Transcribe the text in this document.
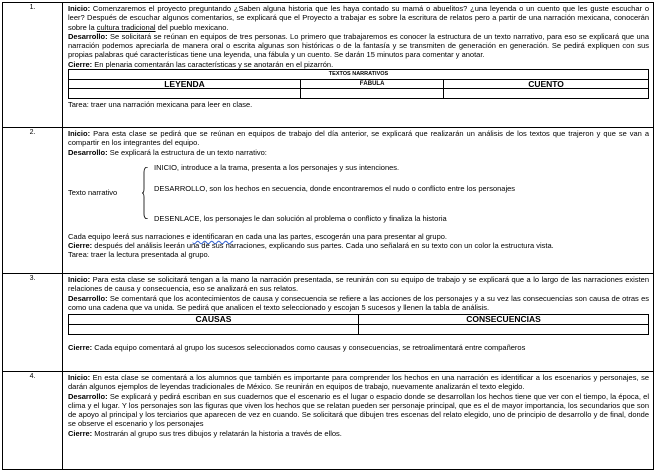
1.	Inicio: Comenzaremos el proyecto preguntando ¿Saben alguna historia que les haya contado su mamá o abuelitos? ¿una leyenda o un cuento que les guste escuchar o leer? Después de escuchar algunos comentarios, se explicará que el Proyecto a trabajar es sobre la escritura de relatos pero a partir de una narración mexicana, conocerán sobre la cultura tradicional del pueblo mexicano.

Desarrollo: Se solicitará se reúnan en equipos de tres personas. Lo primero que trabajaremos es conocer la estructura de un texto narrativo, para eso se explicará que una narración podemos apreciarla de manera oral o escrita algunas son históricas o de la fantasía y se transmiten de generación en generación. Se pedirá expliquen con sus propias palabras qué características tiene una leyenda, una fábula y un cuento. Se darán 15 minutos para comentar y anotar.

Cierre: En plenaria comentarán las características y se anotarán en el pizarrón.

TEXTOS NARRATIVOS		
LEYENDA	FÁBULA	CUENTO

Tarea: traer una narración mexicana para leer en clase.

2.	Inicio: Para esta clase se pedirá que se reúnan en equipos de trabajo del día anterior, se explicará que realizarán un análisis de los textos que trajeron y que se van a compartir en los integrantes del equipo.

Desarrollo: Se explicará la estructura de un texto narrativo:

Texto narrativo
INICIO, introduce a la trama, presenta a los personajes y sus intenciones.
DESARROLLO, son los hechos en secuencia, donde encontraremos el nudo o conflicto entre los personajes
DESENLACE, los personajes le dan solución al problema o conflicto y finaliza la historia

Cada equipo leerá sus narraciones e identificaran en cada una las partes, escogerán una para presentar al grupo.

Cierre: después del análisis leerán una de sus narraciones, explicando sus partes. Cada uno señalará en su texto con un color la estructura vista.

Tarea: traer la lectura presentada al grupo.

3.	Inicio: Para esta clase se solicitará tengan a la mano la narración presentada, se reunirán con su equipo de trabajo y se explicará que a lo largo de las narraciones existen relaciones de causa y consecuencia, eso se analizará en sus relatos.

Desarrollo: Se comentará que los acontecimientos de causa y consecuencia se refiere a las acciones de los personajes y a su vez las consecuencias son causa de otras es como una cadena que va unida. Se pedirá que analicen el texto seleccionado y escojan 5 sucesos y llenen la tabla de análisis.

CAUSAS	CONSECUENCIAS

Cierre: Cada equipo comentará al grupo los sucesos seleccionados como causas y consecuencias, se retroalimentará entre compañeros

4.	Inicio: En esta clase se comentará a los alumnos que también es importante para comprender los hechos en una narración es identificar a los escenarios y personajes, se darán algunos ejemplos de leyendas tradicionales de México. Se reunirán en equipos de trabajo, nuevamente analizarán el texto elegido.

Desarrollo: Se explicará y pedirá escriban en sus cuadernos que el escenario es el lugar o espacio donde se desarrollan los hechos tiene que ver con el tiempo, la época, el clima y el lugar. Y los personajes son las figuras que viven los hechos que se relatan pueden ser personaje principal, que es el de mayor importancia, los secundarios que son de apoyo al principal y los terciarios que aparecen de vez en cuando. Se solicitará que dibujen tres escenas del relato elegido, uno de principio de desarrollo y de final, donde se observe el escenario y los personajes

Cierre: Mostrarán al grupo sus tres dibujos y relatarán la historia a través de ellos.
